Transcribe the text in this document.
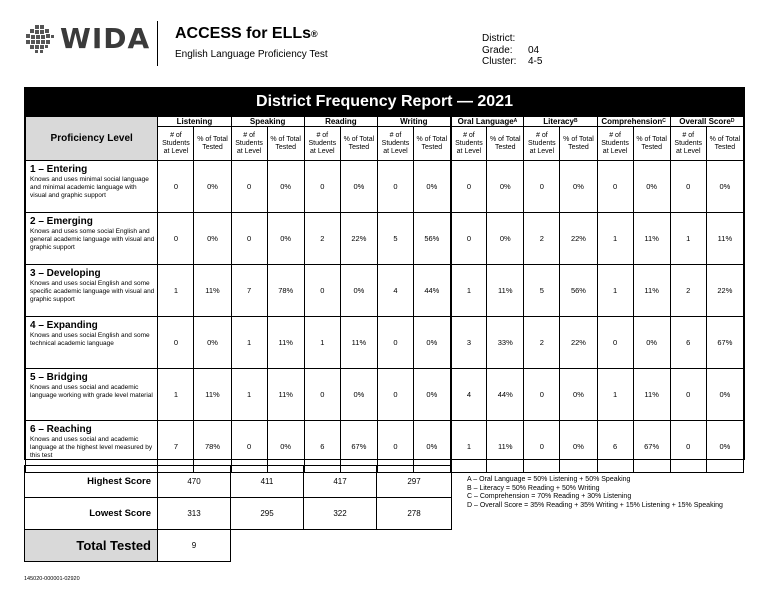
WIDA ACCESS for ELLs®
English Language Proficiency Test
District:
Grade:	04
Cluster:	4-5
District Frequency Report — 2021
Proficiency Level	Listening		Speaking		Reading		Writing		Oral Language$^A$		Literacy$^B$		Comprehension$^C$		Overall Score$^D$
	# of Students at Level	% of Total Tested	# of Students at Level	% of Total Tested	# of Students at Level	% of Total Tested	# of Students at Level	% of Total Tested	# of Students at Level	% of Total Tested	# of Students at Level	% of Total Tested	# of Students at Level	% of Total Tested	# of Students at Level	% of Total Tested

1 – Entering
Knows and uses minimal social language and minimal academic language with visual and graphic support	0	0%	0	0%	0	0%	0	0%	0	0%	0	0%	0	0%	0	0%

2 – Emerging
Knows and uses some social English and general academic language with visual and graphic support	0	0%	0	0%	2	22%	5	56%	0	0%	2	22%	1	11%	1	11%

3 – Developing
Knows and uses social English and some specific academic language with visual and graphic support	1	11%	7	78%	0	0%	4	44%	1	11%	5	56%	1	11%	2	22%

4 – Expanding
Knows and uses social English and some technical academic language	0	0%	1	11%	1	11%	0	0%	3	33%	2	22%	0	0%	6	67%

5 – Bridging
Knows and uses social and academic language working with grade level material	1	11%	1	11%	0	0%	0	0%	4	44%	0	0%	1	11%	0	0%

6 – Reaching
Knows and uses social and academic language at the highest level measured by this test	7	78%	0	0%	6	67%	0	0%	1	11%	0	0%	6	67%	0	0%
Highest Score	470	411	417	297
Lowest Score	313	295	322	278
Total Tested	9			
A – Oral Language = 50% Listening + 50% Speaking
B – Literacy = 50% Reading + 50% Writing
C – Comprehension = 70% Reading + 30% Listening
D – Overall Score = 35% Reading + 35% Writing + 15% Listening + 15% Speaking
145020-000001-02920
